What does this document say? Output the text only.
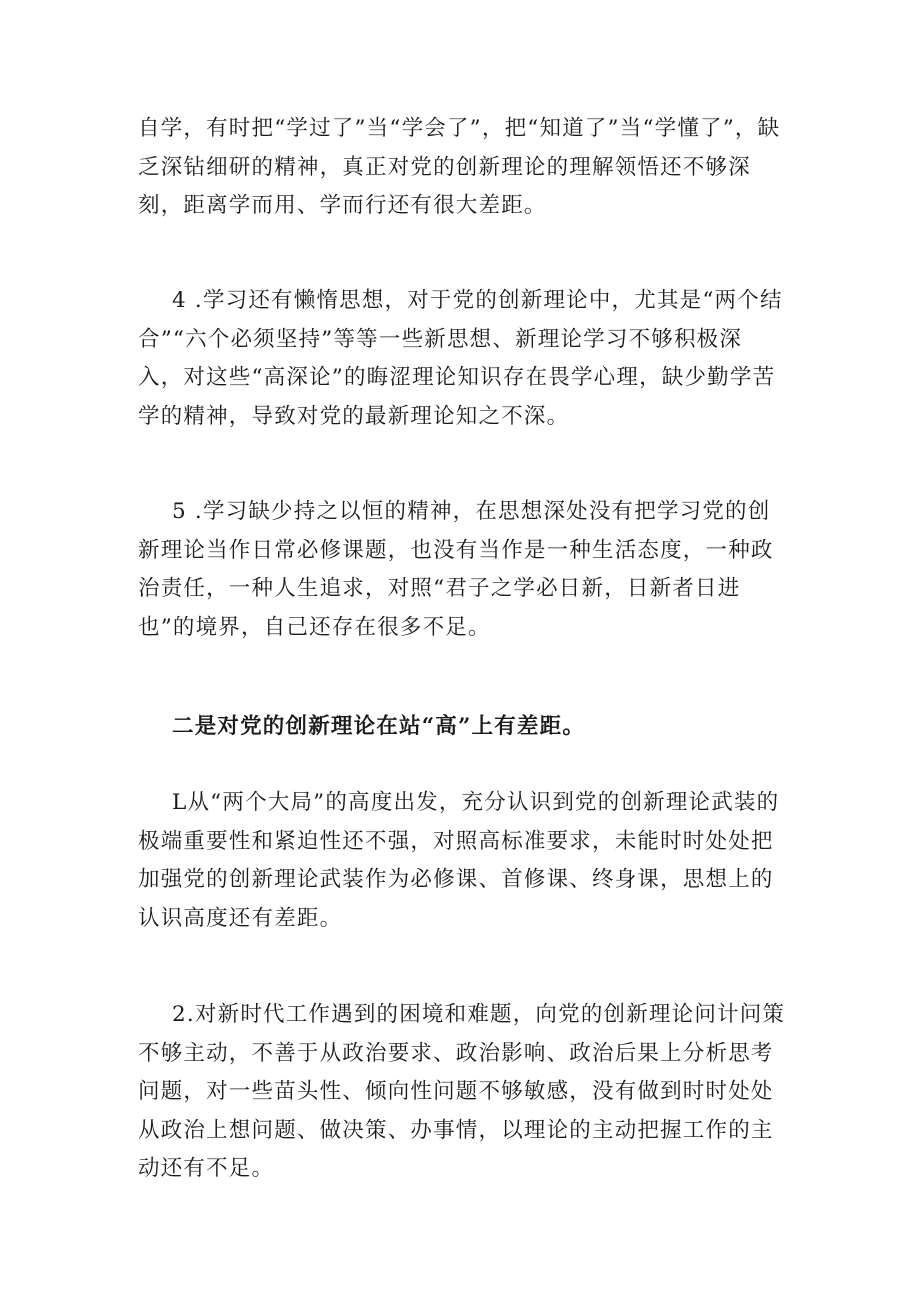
自学，有时把“学过了”当“学会了”，把“知道了”当“学懂了”，缺乏深钻细研的精神，真正对党的创新理论的理解领悟还不够深刻，距离学而用、学而行还有很大差距。

4 .学习还有懒惰思想，对于党的创新理论中，尤其是“两个结合”“六个必须坚持”等等一些新思想、新理论学习不够积极深入，对这些“高深论”的晦涩理论知识存在畏学心理，缺少勤学苦学的精神，导致对党的最新理论知之不深。

5 .学习缺少持之以恒的精神，在思想深处没有把学习党的创新理论当作日常必修课题，也没有当作是一种生活态度，一种政治责任，一种人生追求，对照“君子之学必日新，日新者日进也”的境界，自己还存在很多不足。

二是对党的创新理论在站“高”上有差距。

L从“两个大局”的高度出发，充分认识到党的创新理论武装的极端重要性和紧迫性还不强，对照高标准要求，未能时时处处把加强党的创新理论武装作为必修课、首修课、终身课，思想上的认识高度还有差距。

2.对新时代工作遇到的困境和难题，向党的创新理论问计问策不够主动，不善于从政治要求、政治影响、政治后果上分析思考问题，对一些苗头性、倾向性问题不够敏感，没有做到时时处处从政治上想问题、做决策、办事情，以理论的主动把握工作的主动还有不足。
